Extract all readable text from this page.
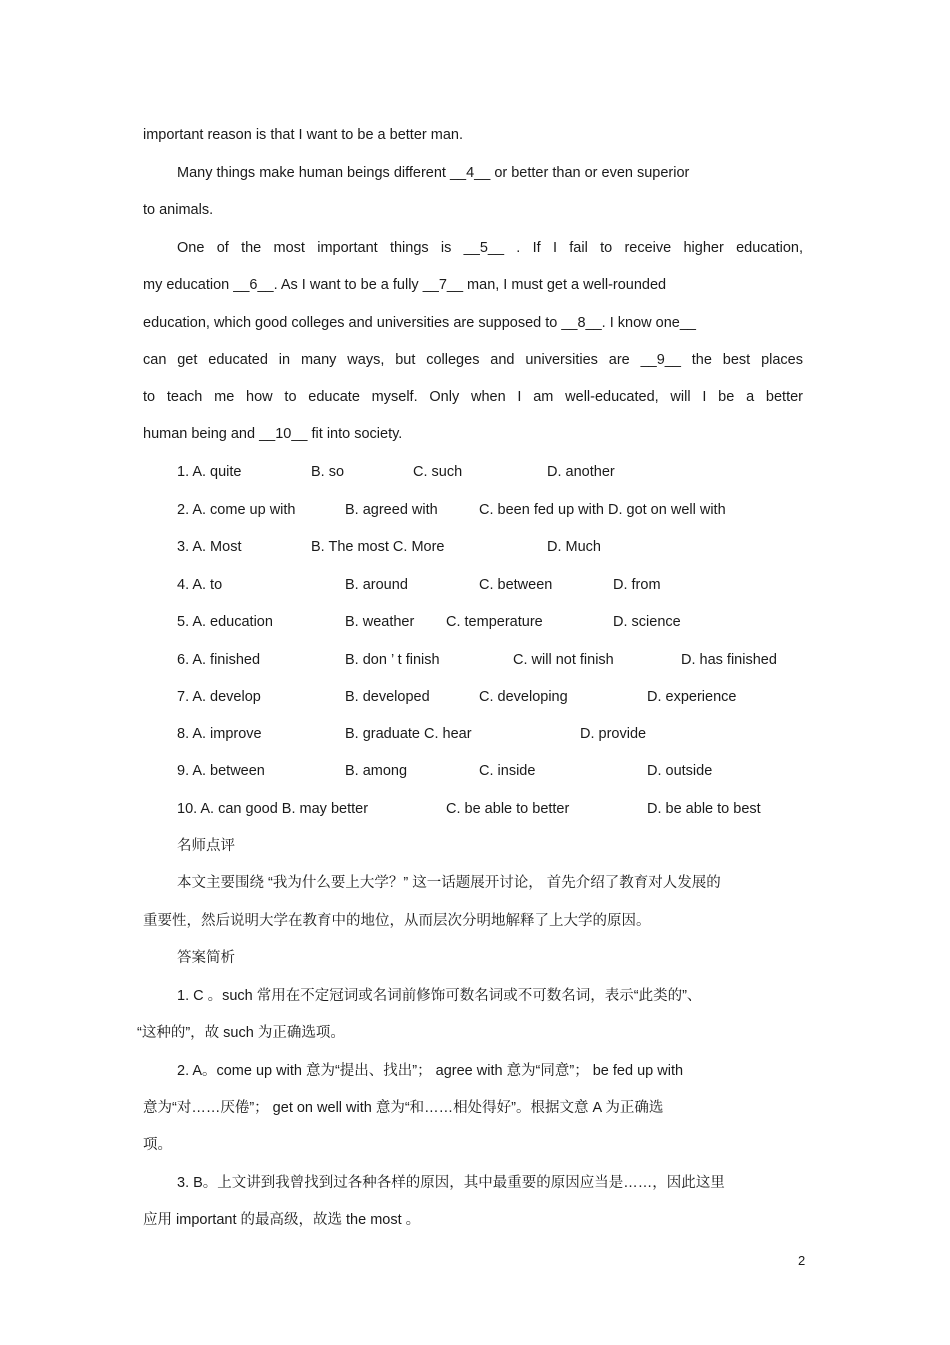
important reason is that I want to be a better man.
Many things make human beings different __4__ or better than or even superior
to animals.
One of the most important things is __5__ . If I fail to receive higher education,
my education __6__. As I want to be a fully __7__ man, I must get a well-rounded
education, which good colleges and universities are supposed to __8__. I know one__
can get educated in many ways, but colleges and universities are __9__ the best places
to teach me how to educate myself. Only when I am well-educated, will I be a better
human being and __10__ fit into society.
1. A. quite	B. so	C. such	D. another
2. A. come up with	B. agreed with	C. been fed up with D. got on well with
3. A. Most	B. The most C. More	D. Much
4. A. to	B. around	C. between	D. from
5. A. education	B. weather C. temperature	D. science
6. A. finished	B. don ’ t finish	C. will not finish	D. has finished
7. A. develop	B. developed	C. developing	D. experience
8. A. improve	B. graduate C. hear	D. provide
9. A. between	B. among	C. inside	D. outside
10. A. can good B. may better	C. be able to better	D. be able to best
名师点评
本文主要围绕 “我为什么要上大学？” 这一话题展开讨论， 首先介绍了教育对人发展的
重要性，然后说明大学在教育中的地位，从而层次分明地解释了上大学的原因。
答案简析
1. C 。such 常用在不定冠词或名词前修饰可数名词或不可数名词，表示“此类的”、
“这种的”，故 such 为正确选项。
2. A。come up with 意为“提出、找出”； agree with 意为“同意”； be fed up with
意为“对……厌倦”； get on well with 意为“和……相处得好”。根据文意 A 为正确选
项。
3. B。上文讲到我曾找到过各种各样的原因，其中最重要的原因应当是……，因此这里
应用 important 的最高级，故选 the most 。
2
